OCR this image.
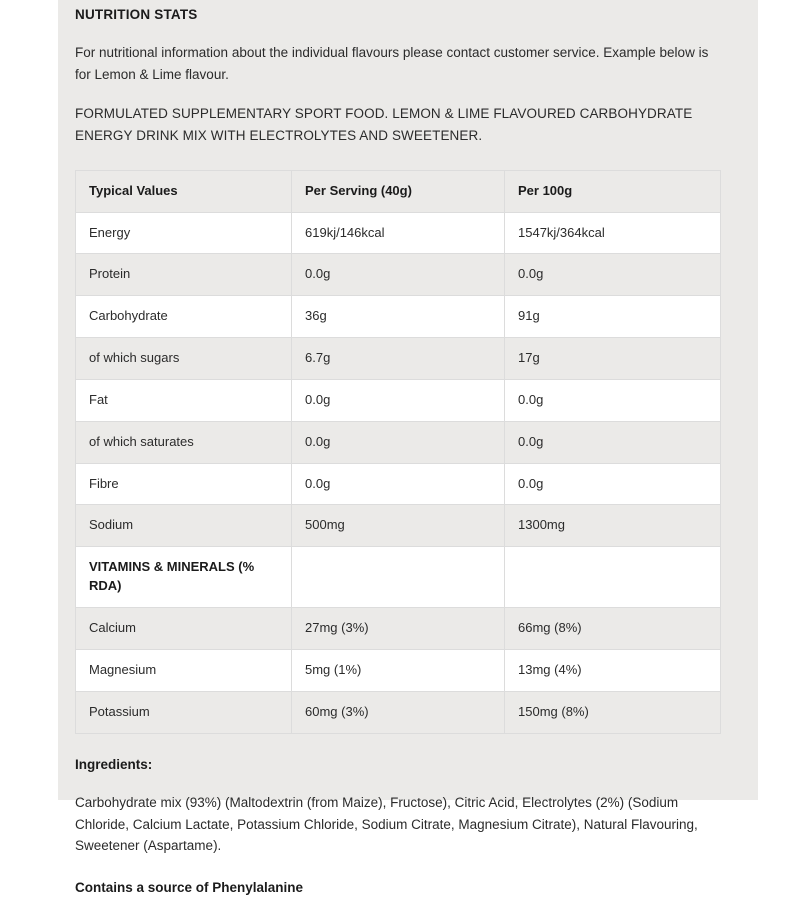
NUTRITION STATS
For nutritional information about the individual flavours please contact customer service. Example below is for Lemon & Lime flavour.
FORMULATED SUPPLEMENTARY SPORT FOOD. LEMON & LIME FLAVOURED CARBOHYDRATE ENERGY DRINK MIX WITH ELECTROLYTES AND SWEETENER.
Typical Values	Per Serving (40g)	Per 100g
Energy	619kj/146kcal	1547kj/364kcal
Protein	0.0g	0.0g
Carbohydrate	36g	91g
of which sugars	6.7g	17g
Fat	0.0g	0.0g
of which saturates	0.0g	0.0g
Fibre	0.0g	0.0g
Sodium	500mg	1300mg
VITAMINS & MINERALS (% RDA)		
Calcium	27mg (3%)	66mg (8%)
Magnesium	5mg (1%)	13mg (4%)
Potassium	60mg (3%)	150mg (8%)
Ingredients:
Carbohydrate mix (93%) (Maltodextrin (from Maize), Fructose), Citric Acid, Electrolytes (2%) (Sodium Chloride, Calcium Lactate, Potassium Chloride, Sodium Citrate, Magnesium Citrate), Natural Flavouring, Sweetener (Aspartame).
Contains a source of Phenylalanine
